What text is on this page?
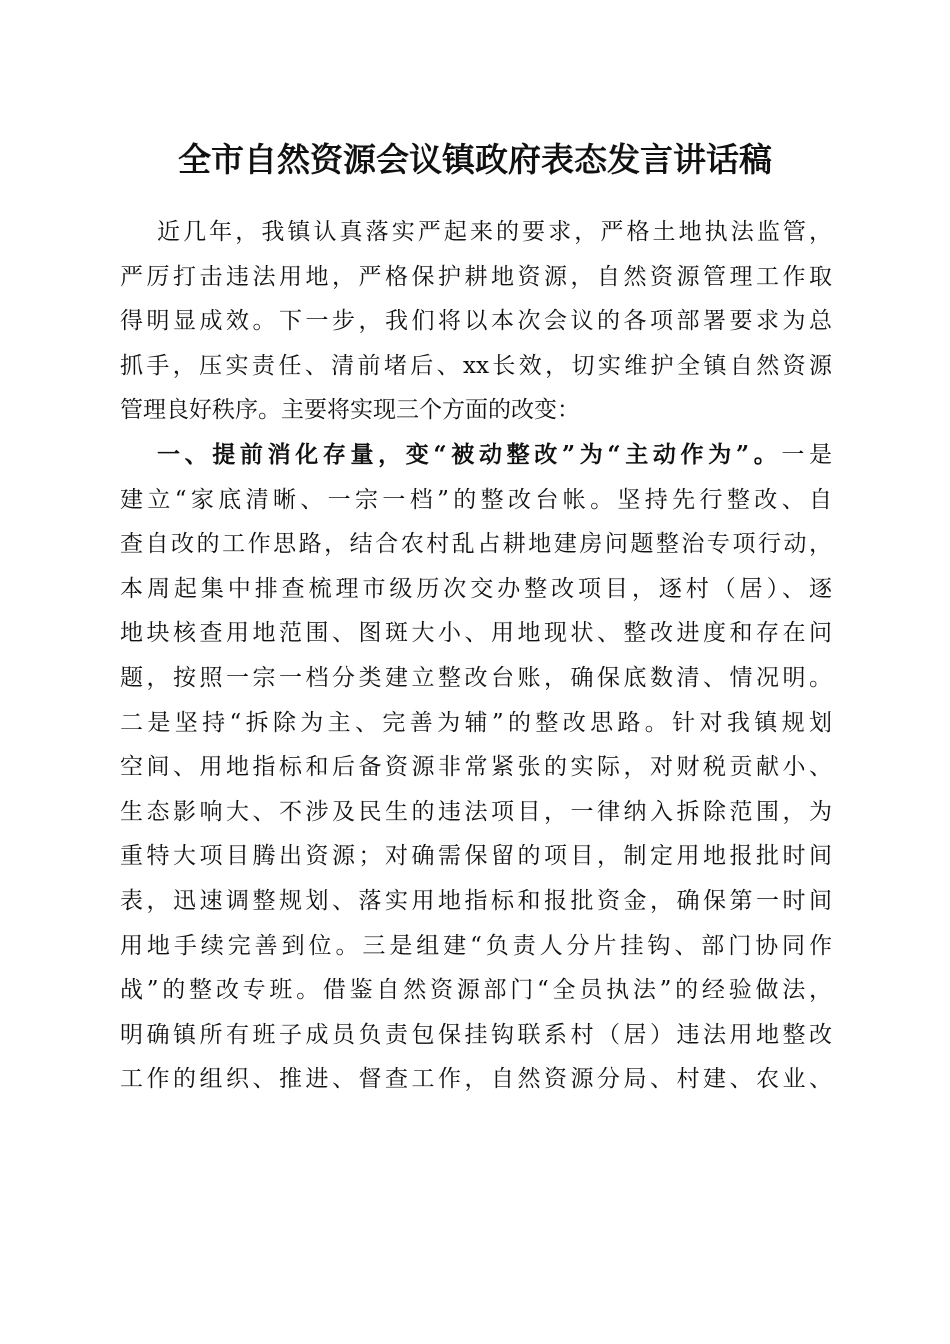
全市自然资源会议镇政府表态发言讲话稿
近几年，我镇认真落实严起来的要求，严格土地执法监管，
严厉打击违法用地，严格保护耕地资源，自然资源管理工作取
得明显成效。下一步，我们将以本次会议的各项部署要求为总
抓手，压实责任、清前堵后、xx长效，切实维护全镇自然资源
管理良好秩序。主要将实现三个方面的改变：
一、提前消化存量，变“被动整改”为“主动作为”。一是
建立“家底清晰、一宗一档”的整改台帐。坚持先行整改、自
查自改的工作思路，结合农村乱占耕地建房问题整治专项行动，
本周起集中排查梳理市级历次交办整改项目，逐村（居）、逐
地块核查用地范围、图斑大小、用地现状、整改进度和存在问
题，按照一宗一档分类建立整改台账，确保底数清、情况明。
二是坚持“拆除为主、完善为辅”的整改思路。针对我镇规划
空间、用地指标和后备资源非常紧张的实际，对财税贡献小、
生态影响大、不涉及民生的违法项目，一律纳入拆除范围，为
重特大项目腾出资源；对确需保留的项目，制定用地报批时间
表，迅速调整规划、落实用地指标和报批资金，确保第一时间
用地手续完善到位。三是组建“负责人分片挂钩、部门协同作
战”的整改专班。借鉴自然资源部门“全员执法”的经验做法，
明确镇所有班子成员负责包保挂钩联系村（居）违法用地整改
工作的组织、推进、督查工作，自然资源分局、村建、农业、
